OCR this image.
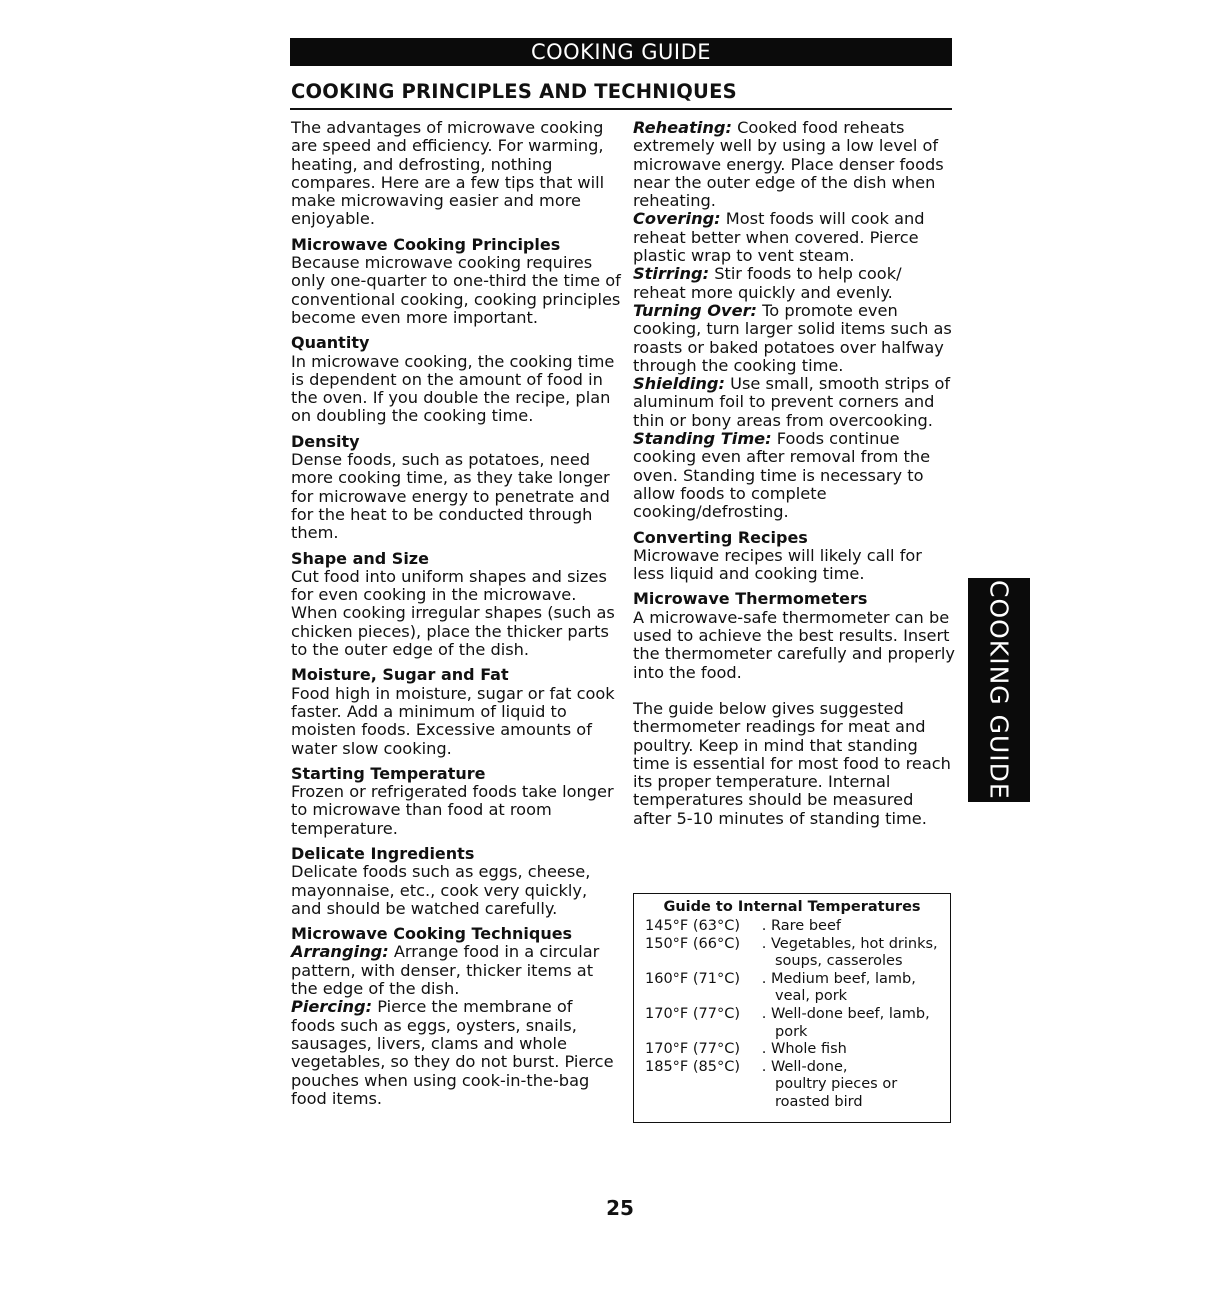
COOKING GUIDE
COOKING PRINCIPLES AND TECHNIQUES

The advantages of microwave cooking are speed and efficiency. For warming, heating, and defrosting, nothing compares. Here are a few tips that will make microwaving easier and more enjoyable.

Microwave Cooking Principles

Because microwave cooking requires only one-quarter to one-third the time of conventional cooking, cooking principles become even more important.

Quantity

In microwave cooking, the cooking time is dependent on the amount of food in the oven. If you double the recipe, plan on doubling the cooking time.

Density

Dense foods, such as potatoes, need more cooking time, as they take longer for microwave energy to penetrate and for the heat to be conducted through them.

Shape and Size

Cut food into uniform shapes and sizes for even cooking in the microwave. When cooking irregular shapes (such as chicken pieces), place the thicker parts to the outer edge of the dish.

Moisture, Sugar and Fat

Food high in moisture, sugar or fat cook faster. Add a minimum of liquid to moisten foods. Excessive amounts of water slow cooking.

Starting Temperature

Frozen or refrigerated foods take longer to microwave than food at room temperature.

Delicate Ingredients

Delicate foods such as eggs, cheese, mayonnaise, etc., cook very quickly, and should be watched carefully.

Microwave Cooking Techniques

Arranging: Arrange food in a circular pattern, with denser, thicker items at the edge of the dish.

Piercing: Pierce the membrane of foods such as eggs, oysters, snails, sausages, livers, clams and whole vegetables, so they do not burst. Pierce pouches when using cook-in-the-bag food items.

Reheating: Cooked food reheats extremely well by using a low level of microwave energy. Place denser foods near the outer edge of the dish when reheating.

Covering: Most foods will cook and reheat better when covered. Pierce plastic wrap to vent steam.

Stirring: Stir foods to help cook/ reheat more quickly and evenly.

Turning Over: To promote even cooking, turn larger solid items such as roasts or baked potatoes over halfway through the cooking time.

Shielding: Use small, smooth strips of aluminum foil to prevent corners and thin or bony areas from overcooking.

Standing Time: Foods continue cooking even after removal from the oven. Standing time is necessary to allow foods to complete cooking/defrosting.

Converting Recipes

Microwave recipes will likely call for less liquid and cooking time.

Microwave Thermometers

A microwave-safe thermometer can be used to achieve the best results. Insert the thermometer carefully and properly into the food.

The guide below gives suggested thermometer readings for meat and poultry. Keep in mind that standing time is essential for most food to reach its proper temperature. Internal temperatures should be measured after 5-10 minutes of standing time.

Guide to Internal Temperatures
145°F (63°C)	. Rare beef
150°F (66°C)	. Vegetables, hot drinks,
soups, casseroles
160°F (71°C)	. Medium beef, lamb,
veal, pork
170°F (77°C)	. Well-done beef, lamb,
pork
170°F (77°C)	. Whole fish
185°F (85°C)	. Well-done,
poultry pieces or roasted bird
COOKING GUIDE
25
